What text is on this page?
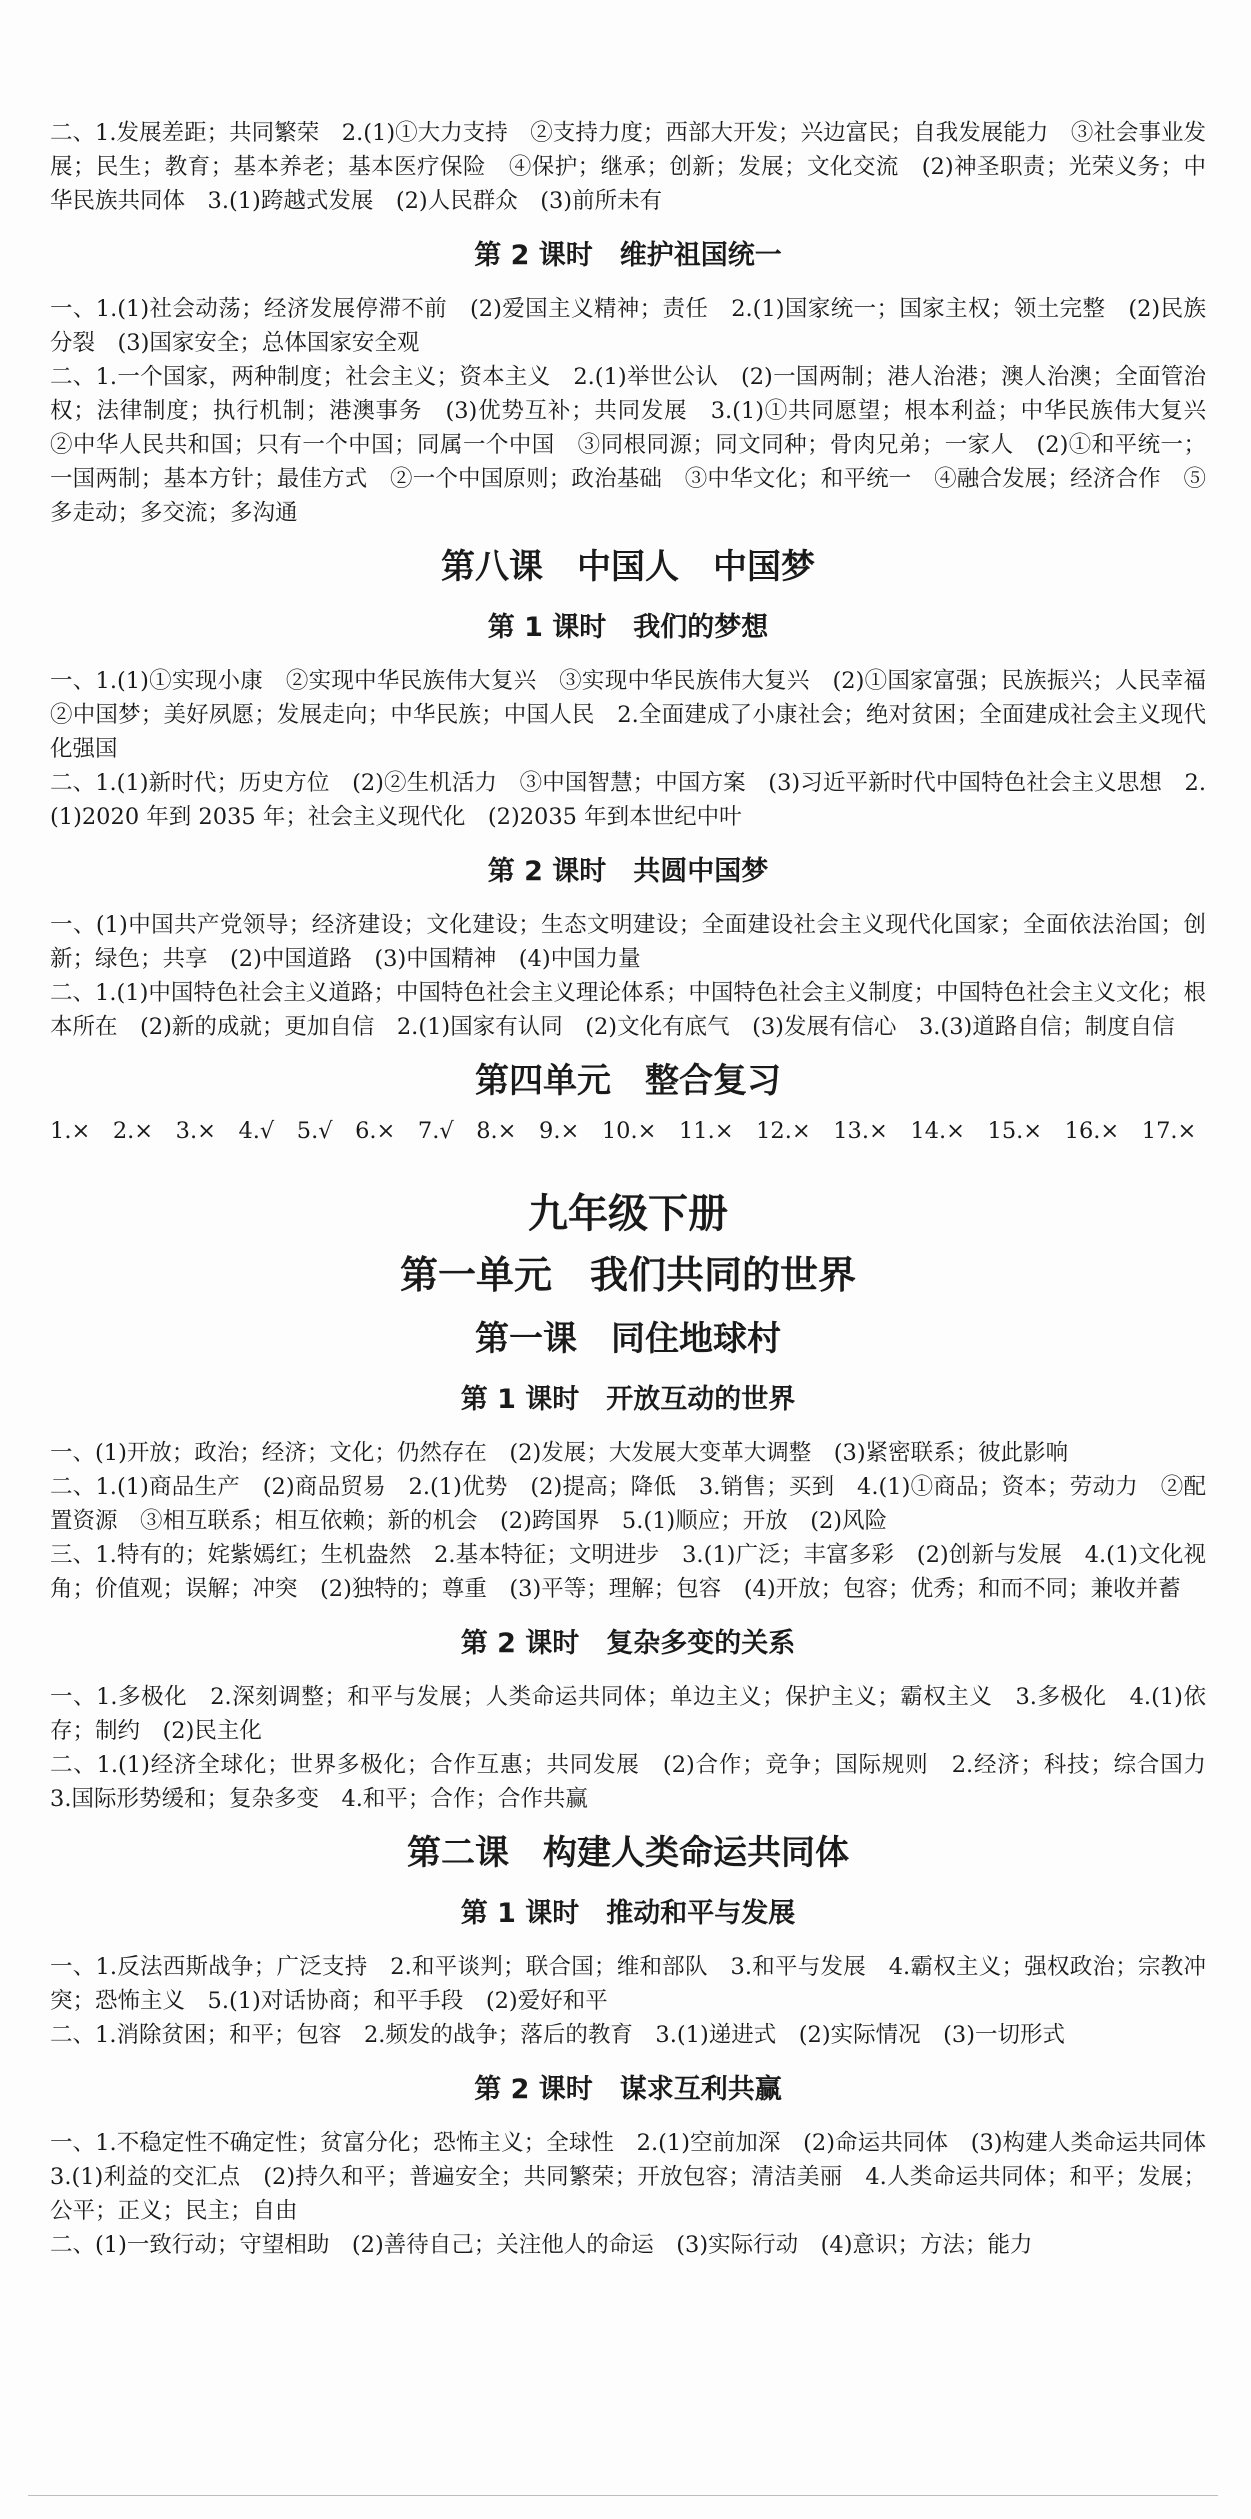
二、1.发展差距；共同繁荣　2.(1)①大力支持　②支持力度；西部大开发；兴边富民；自我发展能力　③社会事业发展；民生；教育；基本养老；基本医疗保险　④保护；继承；创新；发展；文化交流　(2)神圣职责；光荣义务；中华民族共同体　3.(1)跨越式发展　(2)人民群众　(3)前所未有

第 2 课时　维护祖国统一

一、1.(1)社会动荡；经济发展停滞不前　(2)爱国主义精神；责任　2.(1)国家统一；国家主权；领土完整　(2)民族分裂　(3)国家安全；总体国家安全观

二、1.一个国家，两种制度；社会主义；资本主义　2.(1)举世公认　(2)一国两制；港人治港；澳人治澳；全面管治权；法律制度；执行机制；港澳事务　(3)优势互补；共同发展　3.(1)①共同愿望；根本利益；中华民族伟大复兴　②中华人民共和国；只有一个中国；同属一个中国　③同根同源；同文同种；骨肉兄弟；一家人　(2)①和平统一；一国两制；基本方针；最佳方式　②一个中国原则；政治基础　③中华文化；和平统一　④融合发展；经济合作　⑤多走动；多交流；多沟通

第八课　中国人　中国梦
第 1 课时　我们的梦想

一、1.(1)①实现小康　②实现中华民族伟大复兴　③实现中华民族伟大复兴　(2)①国家富强；民族振兴；人民幸福　②中国梦；美好夙愿；发展走向；中华民族；中国人民　2.全面建成了小康社会；绝对贫困；全面建成社会主义现代化强国

二、1.(1)新时代；历史方位　(2)②生机活力　③中国智慧；中国方案　(3)习近平新时代中国特色社会主义思想　2.(1)2020 年到 2035 年；社会主义现代化　(2)2035 年到本世纪中叶

第 2 课时　共圆中国梦

一、(1)中国共产党领导；经济建设；文化建设；生态文明建设；全面建设社会主义现代化国家；全面依法治国；创新；绿色；共享　(2)中国道路　(3)中国精神　(4)中国力量

二、1.(1)中国特色社会主义道路；中国特色社会主义理论体系；中国特色社会主义制度；中国特色社会主义文化；根本所在　(2)新的成就；更加自信　2.(1)国家有认同　(2)文化有底气　(3)发展有信心　3.(3)道路自信；制度自信

第四单元　整合复习

1.×　2.×　3.×　4.√　5.√　6.×　7.√　8.×　9.×　10.×　11.×　12.×　13.×　14.×　15.×　16.×　17.×

九年级下册
第一单元　我们共同的世界
第一课　同住地球村
第 1 课时　开放互动的世界

一、(1)开放；政治；经济；文化；仍然存在　(2)发展；大发展大变革大调整　(3)紧密联系；彼此影响

二、1.(1)商品生产　(2)商品贸易　2.(1)优势　(2)提高；降低　3.销售；买到　4.(1)①商品；资本；劳动力　②配置资源　③相互联系；相互依赖；新的机会　(2)跨国界　5.(1)顺应；开放　(2)风险

三、1.特有的；姹紫嫣红；生机盎然　2.基本特征；文明进步　3.(1)广泛；丰富多彩　(2)创新与发展　4.(1)文化视角；价值观；误解；冲突　(2)独特的；尊重　(3)平等；理解；包容　(4)开放；包容；优秀；和而不同；兼收并蓄

第 2 课时　复杂多变的关系

一、1.多极化　2.深刻调整；和平与发展；人类命运共同体；单边主义；保护主义；霸权主义　3.多极化　4.(1)依存；制约　(2)民主化

二、1.(1)经济全球化；世界多极化；合作互惠；共同发展　(2)合作；竞争；国际规则　2.经济；科技；综合国力　3.国际形势缓和；复杂多变　4.和平；合作；合作共赢

第二课　构建人类命运共同体
第 1 课时　推动和平与发展

一、1.反法西斯战争；广泛支持　2.和平谈判；联合国；维和部队　3.和平与发展　4.霸权主义；强权政治；宗教冲突；恐怖主义　5.(1)对话协商；和平手段　(2)爱好和平

二、1.消除贫困；和平；包容　2.频发的战争；落后的教育　3.(1)递进式　(2)实际情况　(3)一切形式

第 2 课时　谋求互利共赢

一、1.不稳定性不确定性；贫富分化；恐怖主义；全球性　2.(1)空前加深　(2)命运共同体　(3)构建人类命运共同体　3.(1)利益的交汇点　(2)持久和平；普遍安全；共同繁荣；开放包容；清洁美丽　4.人类命运共同体；和平；发展；公平；正义；民主；自由

二、(1)一致行动；守望相助　(2)善待自己；关注他人的命运　(3)实际行动　(4)意识；方法；能力
